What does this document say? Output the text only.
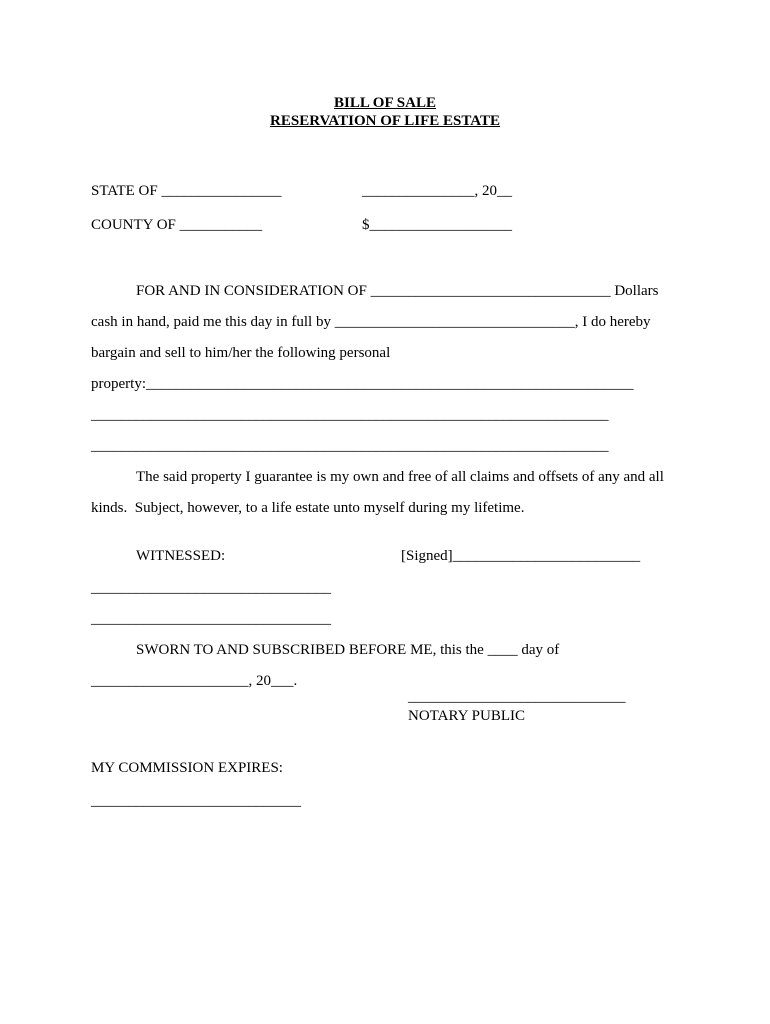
BILL OF SALE
RESERVATION OF LIFE ESTATE
STATE OF ________________	_______________, 20__
COUNTY OF ___________	$___________________
FOR AND IN CONSIDERATION OF ________________________________ Dollars
cash in hand, paid me this day in full by ________________________________, I do hereby
bargain and sell to him/her the following personal
property:_________________________________________________________________
_____________________________________________________________________
_____________________________________________________________________
The said property I guarantee is my own and free of all claims and offsets of any and all
kinds.  Subject, however, to a life estate unto myself during my lifetime.
WITNESSED:	[Signed]_________________________
________________________________
________________________________
SWORN TO AND SUBSCRIBED BEFORE ME, this the ____ day of
_____________________, 20___.
_____________________________
NOTARY PUBLIC
MY COMMISSION EXPIRES:
____________________________
